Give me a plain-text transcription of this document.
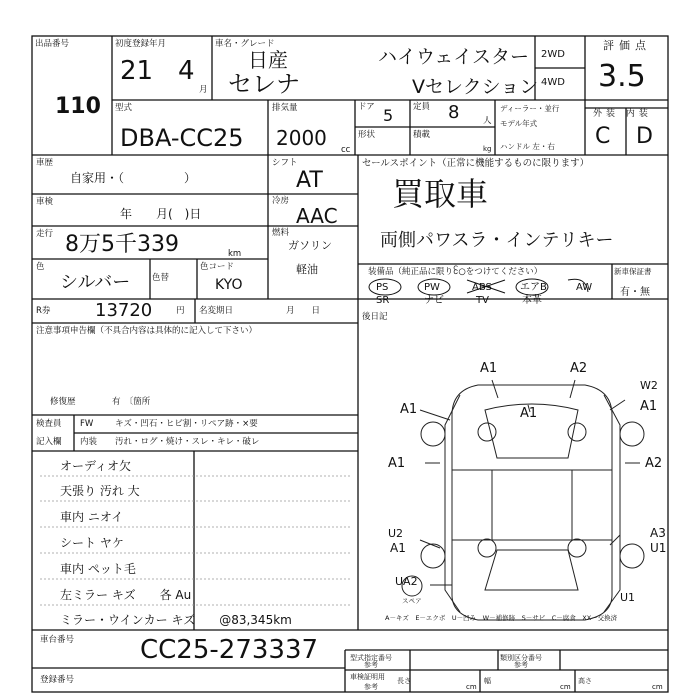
出品番号
110
初度登録年月
21 4
月
車名・グレード
日産
セレナ
ハイウェイスター
Vセレクション
2WD
4WD
評価点
3.5
型式
DBA-CC25
排気量
2000 cc
ドア 5 定員 8	人
形状	積載
kg
ディーラー・並行
モデル年式
ハンドル 左・右
外装 内装
C D
車歴
自家用・（　　　　　）
車検
年　　月(　)日
走行 8万5千339	km
色
シルバー	色替
色コード
KYO
R券 13720	円 名変期日	月　　日
シフト
AT
冷房
AAC
燃料
ガソリン
軽油
セールスポイント（正常に機能するものに限ります）
買取車
両側パワスラ・インテリキー
装備品（純正品に限りᩰ○をつけてください）
PS	PW	ABS	エアB	AW
SR	ナビ	TV	本革
新車保証書
有・無
注意事項申告欄（不具合内容は具体的に記入して下さい）
修復歴	有　〔箇所
検査員 FW	キズ・凹石・ヒビ割・リペア跡・×要
記入欄 内装 汚れ・ログ・焼け・スレ・キレ・破レ
オーディオ欠
天張り 汚れ 大
車内 ニオイ
シート ヤケ
車内 ペット毛
左ミラー キズ　　各 Au
ミラー・ウインカー キズ　　@83,345km
後日記
A1	A2
W2
A1	A1
A1
A1	A2
A3
U1
U2
A1
UA2
U1
スペア
A－キズ　E－エクボ　U－凹み　W－補修跡　S－サビ　C－腐食　XX－交換済
車台番号	CC25-273337
登録番号
型式指定番号	類別区分番号
参考	参考
車検証明用
参考
長さ
cm
幅
cm
高さ
cm
